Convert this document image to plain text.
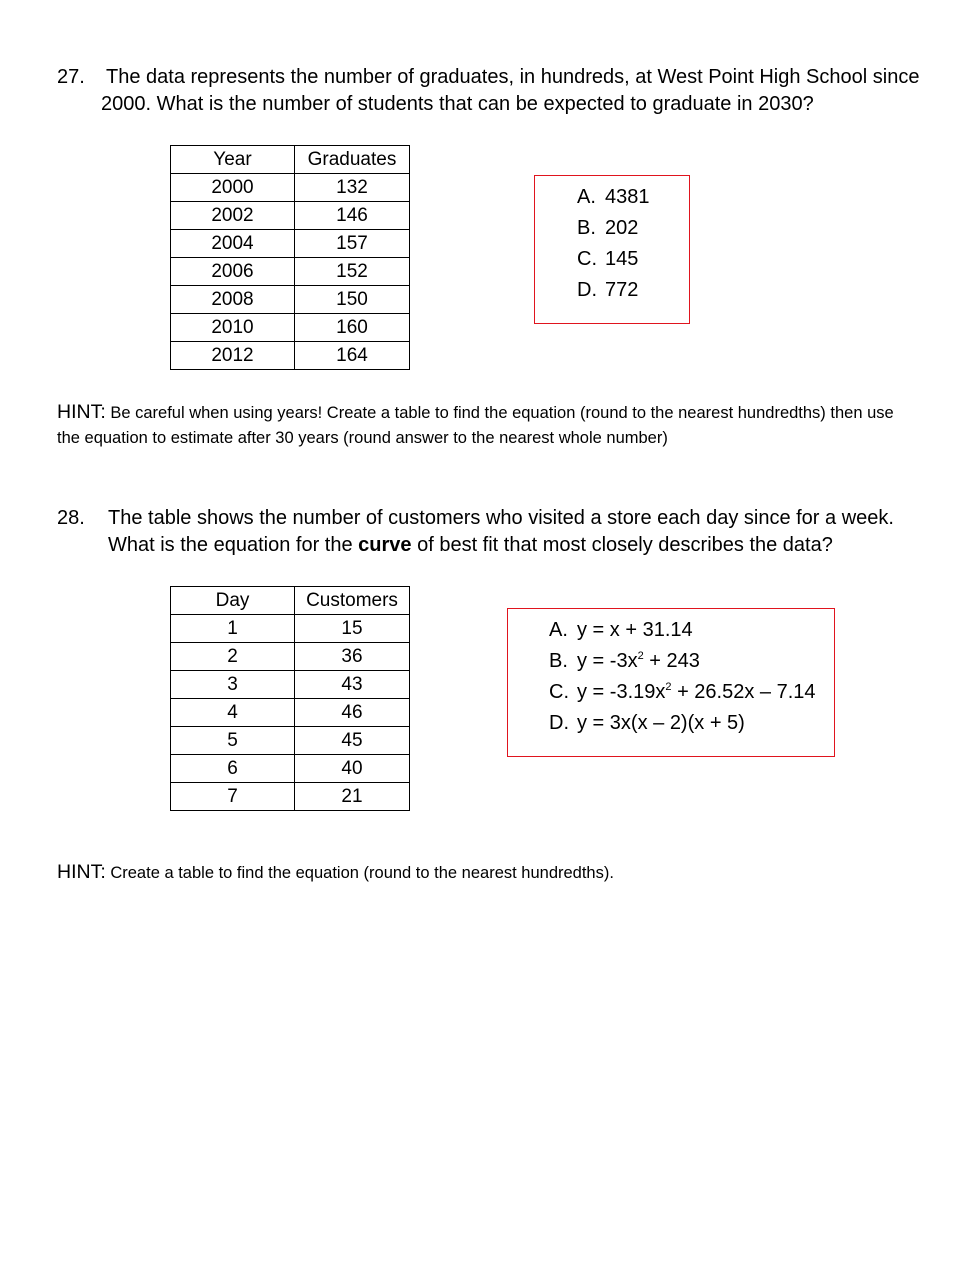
27. The data represents the number of graduates, in hundreds, at West Point High School since
2000. What is the number of students that can be expected to graduate in 2030?
Year	Graduates
2000	132
2002	146
2004	157
2006	152
2008	150
2010	160
2012	164
A. 4381
B. 202
C. 145
D. 772
HINT: Be careful when using years! Create a table to find the equation (round to the nearest hundredths) then use
the equation to estimate after 30 years (round answer to the nearest whole number)
28. The table shows the number of customers who visited a store each day since for a week.
What is the equation for the curve of best fit that most closely describes the data?
Day	Customers
1	15
2	36
3	43
4	46
5	45
6	40
7	21
A. y = x + 31.14
B. $y = -3x^2 + 243$
C. $y = -3.19x^2 + 26.52x - 7.14$
D. y = 3x(x – 2)(x + 5)
HINT: Create a table to find the equation (round to the nearest hundredths).
